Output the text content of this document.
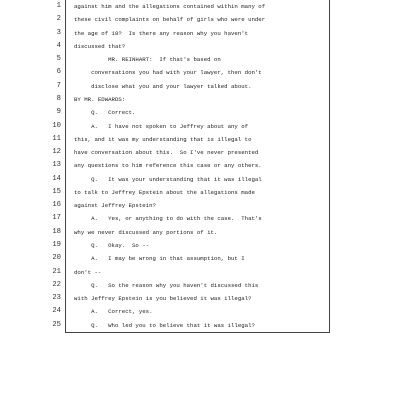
1 against him and the allegations contained within many of
2 these civil complaints on behalf of girls who were under
3 the age of 18?  Is there any reason why you haven't
4 discussed that?
5 MR. REINHART:  If that's based on
6 conversations you had with your lawyer, then don't
7 disclose what you and your lawyer talked about.
8 BY MR. EDWARDS:
9 Q.   Correct.
10 A.   I have not spoken to Jeffrey about any of
11 this, and it was my understanding that is illegal to
12 have conversation about this.  So I've never presented
13 any questions to him reference this case or any others.
14 Q.   It was your understanding that it was illegal
15 to talk to Jeffrey Epstein about the allegations made
16 against Jeffrey Epstein?
17 A.   Yes, or anything to do with the case.  That's
18 why we never discussed any portions of it.
19 Q.   Okay.  So --
20 A.   I may be wrong in that assumption, but I
21 don't --
22 Q.   So the reason why you haven't discussed this
23 with Jeffrey Epstein is you believed it was illegal?
24 A.   Correct, yes.
25 Q.   Who led you to believe that it was illegal?
